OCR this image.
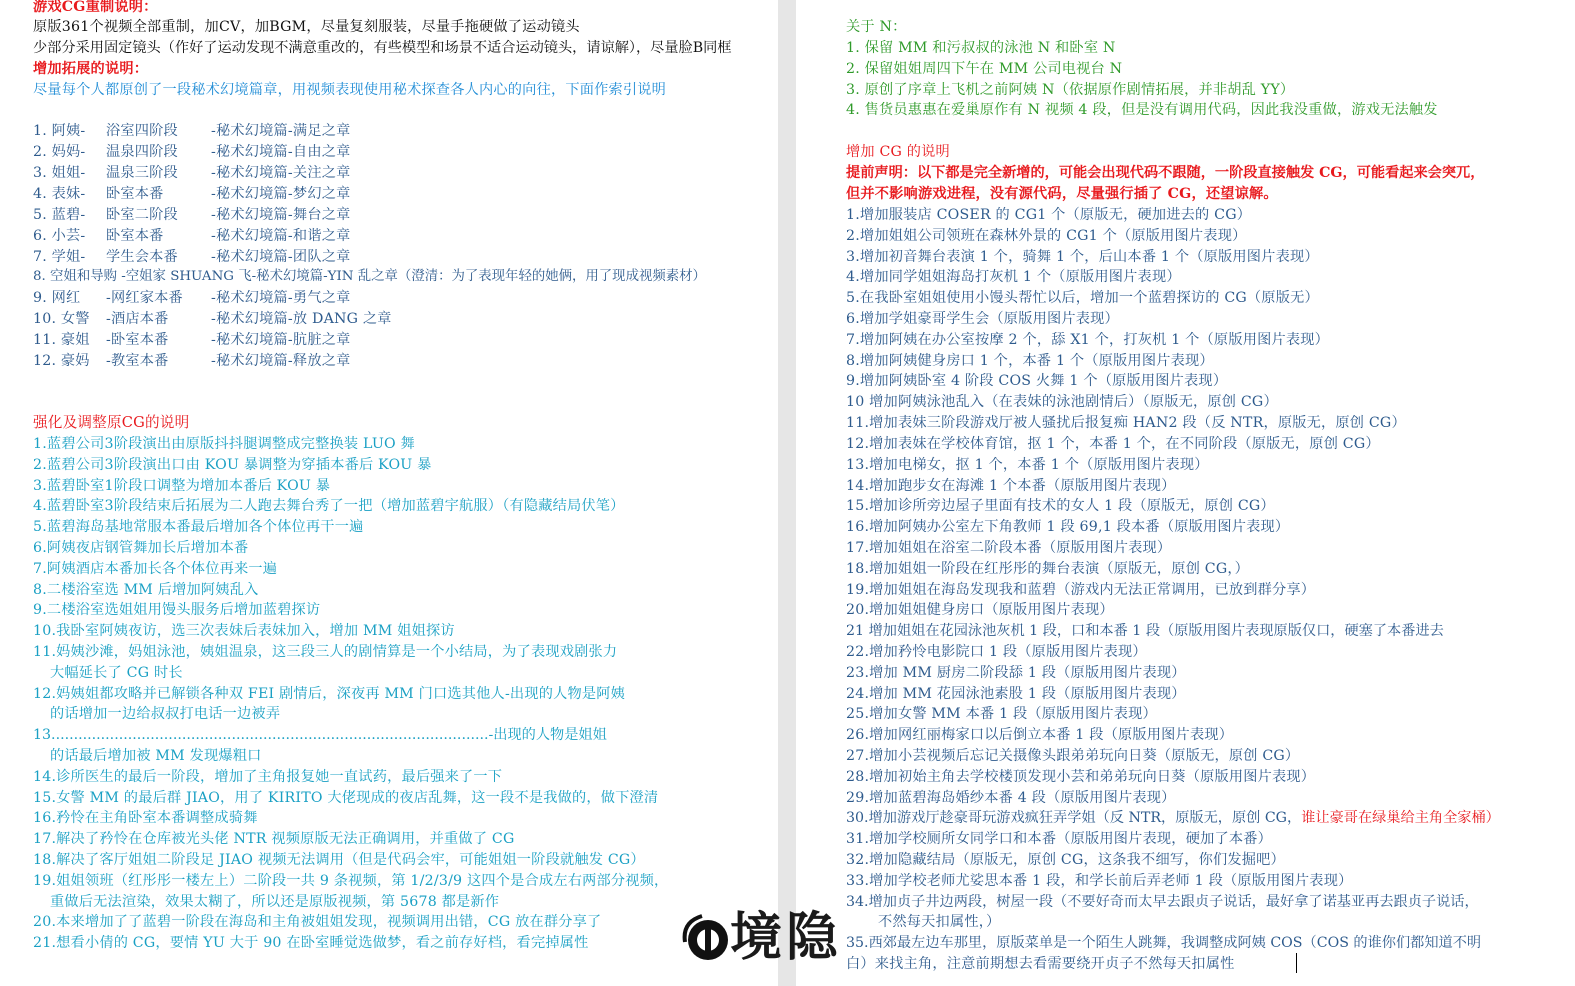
游戏CG重制说明：
原版361个视频全部重制，加CV，加BGM，尽量复刻服装，尽量手拖硬做了运动镜头
少部分采用固定镜头（作好了运动发现不满意重改的，有些模型和场景不适合运动镜头，请谅解），尽量脸B同框
增加拓展的说明：
尽量每个人都原创了一段秘术幻境篇章，用视频表现使用秘术探查各人内心的向往，下面作索引说明
1. 阿姨- 浴室四阶段 -秘术幻境篇-满足之章
2. 妈妈- 温泉四阶段 -秘术幻境篇-自由之章
3. 姐姐- 温泉三阶段 -秘术幻境篇-关注之章
4. 表妹- 卧室本番	-秘术幻境篇-梦幻之章
5. 蓝碧- 卧室二阶段 -秘术幻境篇-舞台之章
6. 小芸- 卧室本番	-秘术幻境篇-和谐之章
7. 学姐- 学生会本番 -秘术幻境篇-团队之章
8. 空姐和导购 -空姐家 SHUANG 飞-秘术幻境篇-YIN 乱之章（澄清：为了表现年轻的她俩，用了现成视频素材）
9. 网红 -网红家本番 -秘术幻境篇-勇气之章
10. 女警 -酒店本番	-秘术幻境篇-放 DANG 之章
11. 豪姐 -卧室本番	-秘术幻境篇-肮脏之章
12. 豪妈 -教室本番	-秘术幻境篇-释放之章
强化及调整原CG的说明
1.蓝碧公司3阶段演出由原版抖抖腿调整成完整换装 LUO 舞
2.蓝碧公司3阶段演出口由 KOU 暴调整为穿插本番后 KOU 暴
3.蓝碧卧室1阶段口调整为增加本番后 KOU 暴
4.蓝碧卧室3阶段结束后拓展为二人跑去舞台秀了一把（增加蓝碧宇航服）（有隐藏结局伏笔）
5.蓝碧海岛基地常服本番最后增加各个体位再干一遍
6.阿姨夜店钢管舞加长后增加本番
7.阿姨酒店本番加长各个体位再来一遍
8.二楼浴室选 MM 后增加阿姨乱入
9.二楼浴室选姐姐用馒头服务后增加蓝碧探访
10.我卧室阿姨夜访，选三次表妹后表妹加入，增加 MM 姐姐探访
11.妈姨沙滩，妈姐泳池，姨姐温泉，这三段三人的剧情算是一个小结局，为了表现戏剧张力
大幅延长了 CG 时长
12.妈姨姐都攻略并已解锁各种双 FEI 剧情后，深夜再 MM 门口选其他人-出现的人物是阿姨
的话增加一边给叔叔打电话一边被弄
13.................................................................................................-出现的人物是姐姐
的话最后增加被 MM 发现爆粗口
14.诊所医生的最后一阶段，增加了主角报复她一直试药，最后强来了一下
15.女警 MM 的最后群 JIAO，用了 KIRITO 大佬现成的夜店乱舞，这一段不是我做的，做下澄清
16.矜怜在主角卧室本番调整成骑舞
17.解决了矜怜在仓库被光头佬 NTR 视频原版无法正确调用，并重做了 CG
18.解决了客厅姐姐二阶段足 JIAO 视频无法调用（但是代码会牢，可能姐姐一阶段就触发 CG）
19.姐姐领班（红彤彤一楼左上）二阶段一共 9 条视频，第 1/2/3/9 这四个是合成左右两部分视频，
重做后无法渲染，效果太糊了，所以还是原版视频，第 5678 都是新作
20.本来增加了了蓝碧一阶段在海岛和主角被姐姐发现，视频调用出错，CG 放在群分享了
21.想看小倩的 CG，要情 YU 大于 90 在卧室睡觉选做梦，看之前存好档，看完掉属性
关于 N：
1. 保留 MM 和污叔叔的泳池 N 和卧室 N
2. 保留姐姐周四下午在 MM 公司电视台 N
3. 原创了序章上飞机之前阿姨 N（依据原作剧情拓展，并非胡乱 YY）
4. 售货员惠惠在爱巢原作有 N 视频 4 段，但是没有调用代码，因此我没重做，游戏无法触发
增加 CG 的说明
提前声明：以下都是完全新增的，可能会出现代码不跟随，一阶段直接触发 CG，可能看起来会突兀，
但并不影响游戏进程，没有源代码，尽量强行插了 CG，还望谅解。
1.增加服装店 COSER 的 CG1 个（原版无，硬加进去的 CG）
2.增加姐姐公司领班在森林外景的 CG1 个（原版用图片表现）
3.增加初音舞台表演 1 个，骑舞 1 个，后山本番 1 个（原版用图片表现）
4.增加同学姐姐海岛打灰机 1 个（原版用图片表现）
5.在我卧室姐姐使用小馒头帮忙以后，增加一个蓝碧探访的 CG（原版无）
6.增加学姐豪哥学生会（原版用图片表现）
7.增加阿姨在办公室按摩 2 个，舔 X1 个，打灰机 1 个（原版用图片表现）
8.增加阿姨健身房口 1 个，本番 1 个（原版用图片表现）
9.增加阿姨卧室 4 阶段 COS 火舞 1 个（原版用图片表现）
10 增加阿姨泳池乱入（在表妹的泳池剧情后）（原版无，原创 CG）
11.增加表妹三阶段游戏厅被人骚扰后报复痴 HAN2 段（反 NTR，原版无，原创 CG）
12.增加表妹在学校体育馆，抠 1 个，本番 1 个，在不同阶段（原版无，原创 CG）
13.增加电梯女，抠 1 个，本番 1 个（原版用图片表现）
14.增加跑步女在海滩 1 个本番（原版用图片表现）
15.增加诊所旁边屋子里面有技术的女人 1 段（原版无，原创 CG）
16.增加阿姨办公室左下角教师 1 段 69,1 段本番（原版用图片表现）
17.增加姐姐在浴室二阶段本番（原版用图片表现）
18.增加姐姐一阶段在红彤彤的舞台表演（原版无，原创 CG，）
19.增加姐姐在海岛发现我和蓝碧（游戏内无法正常调用，已放到群分享）
20.增加姐姐健身房口（原版用图片表现）
21 增加姐姐在花园泳池灰机 1 段，口和本番 1 段（原版用图片表现原版仅口，硬塞了本番进去
22.增加矜怜电影院口 1 段（原版用图片表现）
23.增加 MM 厨房二阶段舔 1 段（原版用图片表现）
24.增加 MM 花园泳池素股 1 段（原版用图片表现）
25.增加女警 MM 本番 1 段（原版用图片表现）
26.增加网红丽梅家口以后倒立本番 1 段（原版用图片表现）
27.增加小芸视频后忘记关摄像头跟弟弟玩向日葵（原版无，原创 CG）
28.增加初始主角去学校楼顶发现小芸和弟弟玩向日葵（原版用图片表现）
29.增加蓝碧海岛婚纱本番 4 段（原版用图片表现）
30.增加游戏厅趁豪哥玩游戏疯狂弄学姐（反 NTR，原版无，原创 CG，谁让豪哥在绿巢给主角全家桶）
31.增加学校厕所女同学口和本番（原版用图片表现，硬加了本番）
32.增加隐藏结局（原版无，原创 CG，这条我不细写，你们发掘吧）
33.增加学校老师尤娑思本番 1 段，和学长前后弄老师 1 段（原版用图片表现）
34.增加贞子井边两段，树屋一段（不要好奇而太早去跟贞子说话，最好拿了诺基亚再去跟贞子说话，
不然每天扣属性，）
35.西郊最左边车那里，原版菜单是一个陌生人跳舞，我调整成阿姨 COS（COS 的谁你们都知道不明
白）来找主角，注意前期想去看需要绕开贞子不然每天扣属性
境隐
